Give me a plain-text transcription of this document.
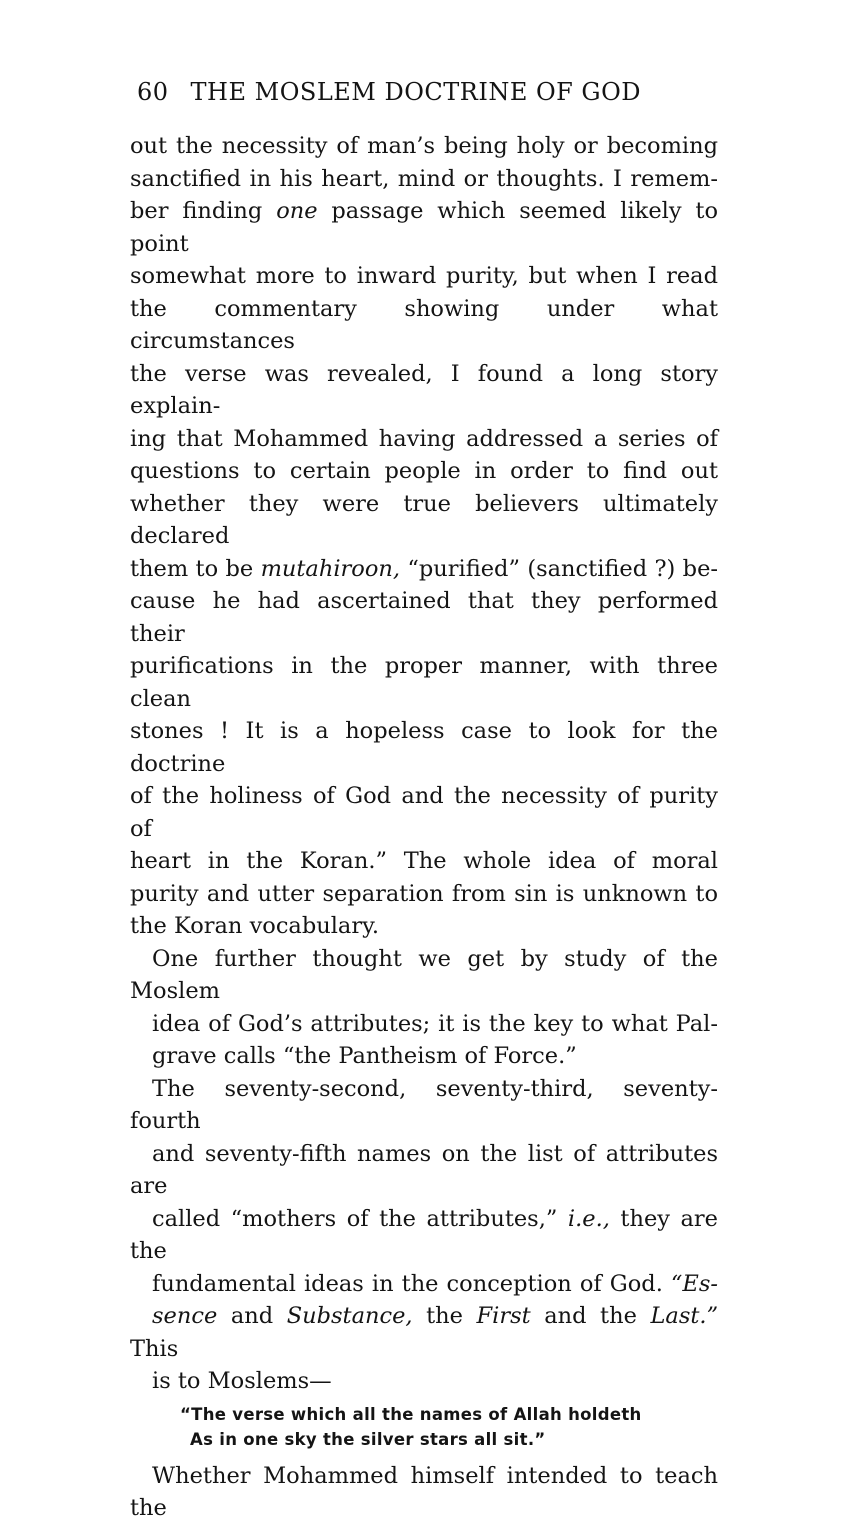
60 THE MOSLEM DOCTRINE OF GOD
out the necessity of man’s being holy or becoming
sanctified in his heart, mind or thoughts. I remem-
ber finding one passage which seemed likely to point
somewhat more to inward purity, but when I read
the commentary showing under what circumstances
the verse was revealed, I found a long story explain-
ing that Mohammed having addressed a series of
questions to certain people in order to find out
whether they were true believers ultimately declared
them to be mutahiroon, “purified” (sanctified ?) be-
cause he had ascertained that they performed their
purifications in the proper manner, with three clean
stones ! It is a hopeless case to look for the doctrine
of the holiness of God and the necessity of purity of
heart in the Koran.” The whole idea of moral
purity and utter separation from sin is unknown to
the Koran vocabulary.
One further thought we get by study of the Moslem
idea of God’s attributes; it is the key to what Pal-
grave calls “the Pantheism of Force.”
The seventy-second, seventy-third, seventy-fourth
and seventy-fifth names on the list of attributes are
called “mothers of the attributes,” i.e., they are the
fundamental ideas in the conception of God. “Es-
sence and Substance, the First and the Last.” This
is to Moslems—
“The verse which all the names of Allah holdeth
As in one sky the silver stars all sit.”
Whether Mohammed himself intended to teach the
